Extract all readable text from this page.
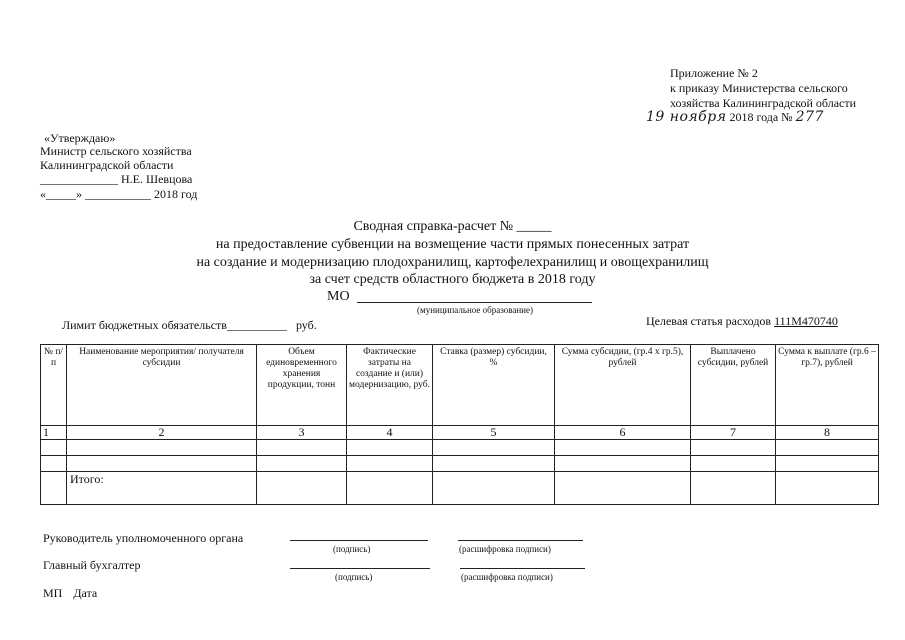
Приложение № 2
к приказу Министерства сельского
хозяйства Калининградской области
19 ноября 2018 года № 277
«Утверждаю»
Министр сельского хозяйства
Калининградской области
_____________ Н.Е. Шевцова
«_____» ___________ 2018 год
Сводная справка-расчет № _____
на предоставление субвенции на возмещение части прямых понесенных затрат
на создание и модернизацию плодохранилищ, картофелехранилищ и овощехранилищ
за счет средств областного бюджета в 2018 году
МО
(муниципальное образование)
Лимит бюджетных обязательств__________ руб.	Целевая статья расходов 111М470740
№ п/п	Наименование мероприятия/ получателя субсидии	Объем единовременного хранения продукции, тонн	Фактические затраты на создание и (или) модернизацию, руб.	Ставка (размер) субсидии, %	Сумма субсидии, (гр.4 х гр.5), рублей	Выплачено субсидии, рублей	Сумма к выплате (гр.6 – гр.7), рублей
1	2	3	4	5	6	7	8

	Итого:						
Руководитель уполномоченного органа
(подпись)	(расшифровка подписи)
Главный бухгалтер
(подпись)	(расшифровка подписи)
МП Дата
